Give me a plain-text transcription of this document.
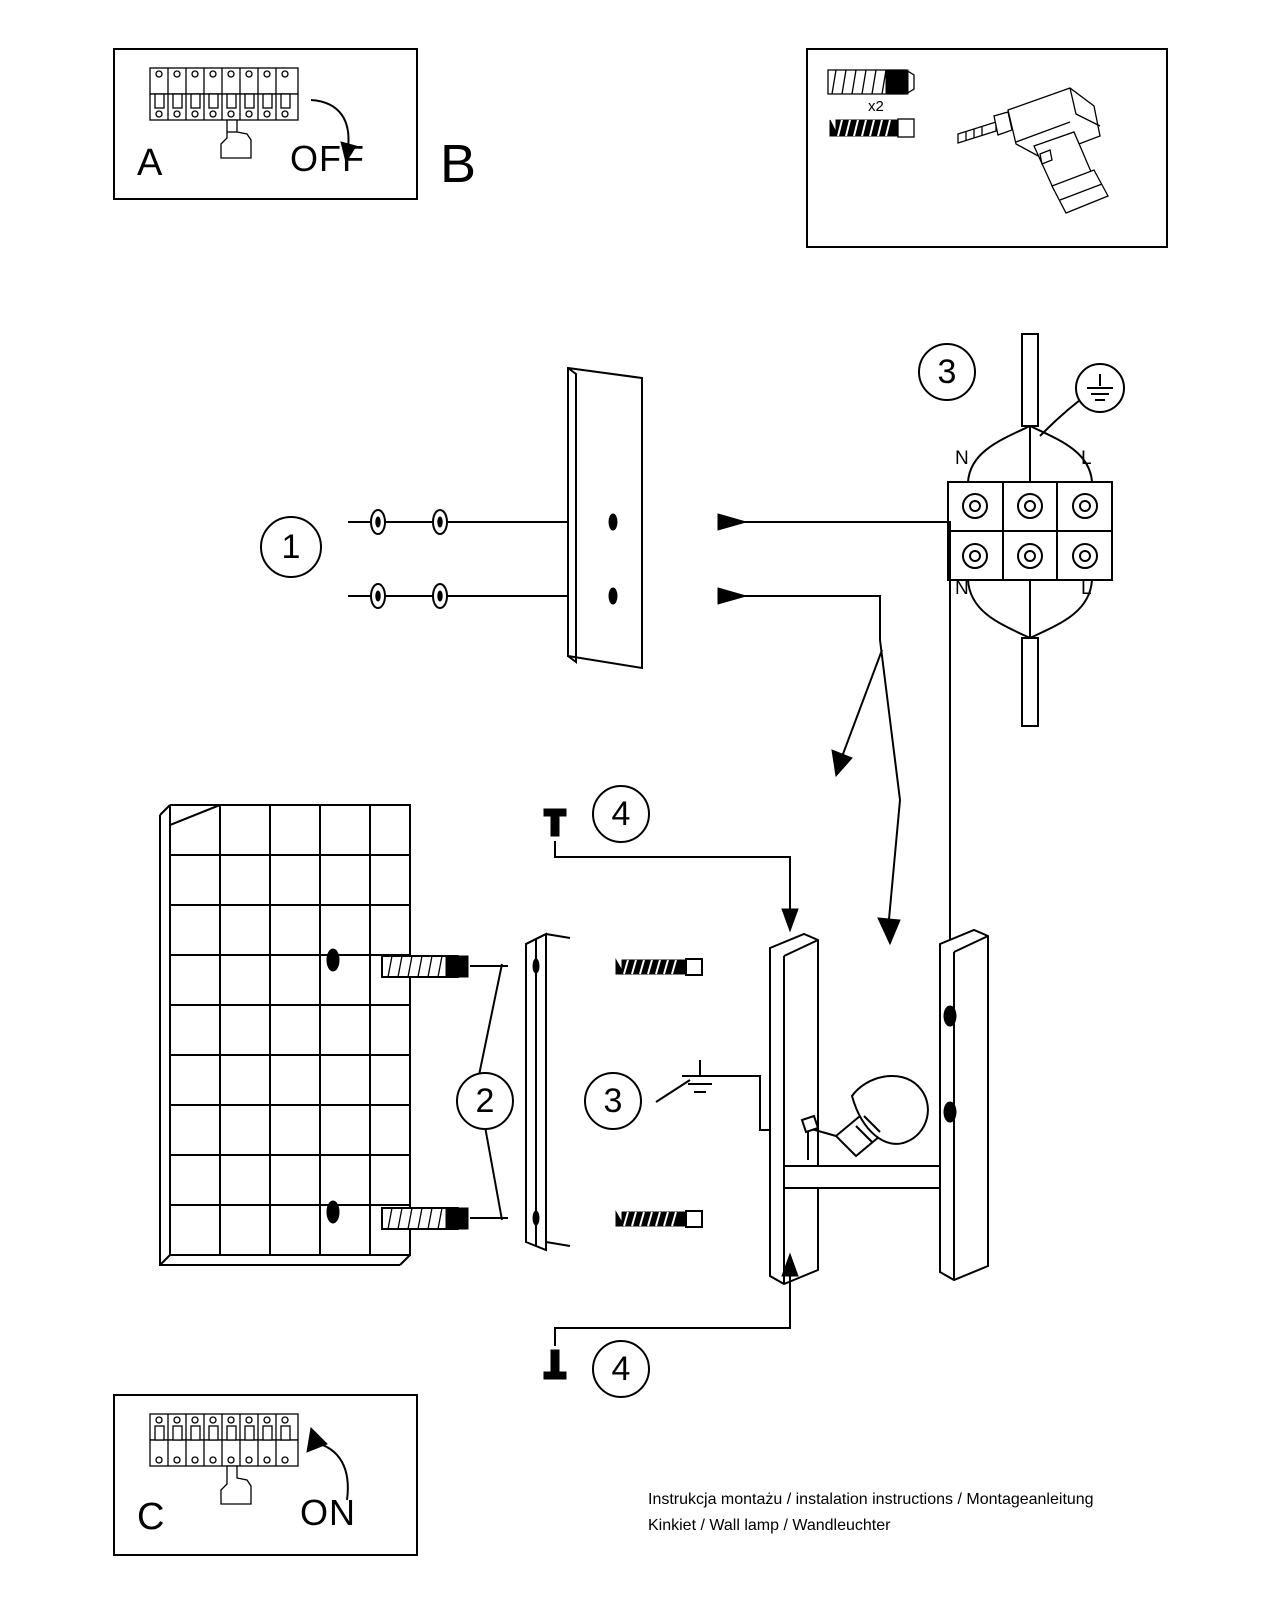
A	OFF B
x2
1
3
N	L
N	L
2	3
4
4
C	ON	Instrukcja montażu / instalation instructions / Montageanleitung
Kinkiet / Wall lamp / Wandleuchter
